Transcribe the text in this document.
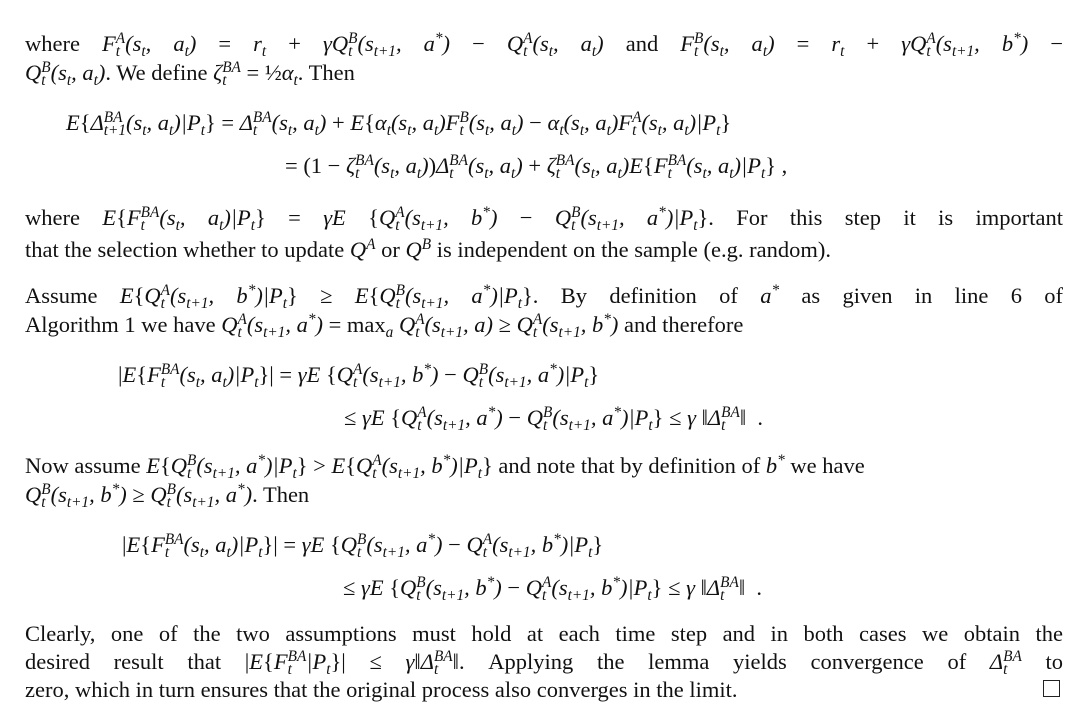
where F A
t ($s_t$, $a_t) = r_t + \gamma Q$ B
t ($s_{t+1}$, a*) − Q A
t ($s_t$, $a_t$) and F B
t ($s_t$, $a_t) = r_t + \gamma Q$ A
t ($s_{t+1}$, b*) −
Q B
t ($s_t$, $a_t$). We define ζ BA
$t = \frac{1}{2}\alpha_t$. Then
E{Δ BA
t+1 ($s_t$, $a_t)|P_t\} = \Delta$ BA
t ($s_t$, $a_t) + E\{\alpha_t(s_t$, $a_t)F$ B
t ($s_t$, $a_t) - \alpha_t(s_t$, $a_t)F$ A
t ($s_t$, $a_t)|P_t$}
= (1 − ζ BA
t ($s_t$, $a_t))\Delta$ BA
t ($s_t$, $a_t) + \zeta$ BA
t ($s_t$, $a_t)E\{F$ BA
t ($s_t$, $a_t)|P_t$} ,
where E{F BA
t ($s_t$, $a_t)|P_t\} = \gamma E$ {Q A
t ($s_{t+1}$, b*) − Q B
t ($s_{t+1}$, $a^*)|P_t$}. For this step it is important
that the selection whether to update $Q^A$ or $Q^B$ is independent on the sample (e.g. random).
Assume E{Q A
t ($s_{t+1}$, $b^*)|P_t\} \ge E\{Q$ B
t ($s_{t+1}$, $a^*)|P_t$}. By definition of a* as given in line 6 of
Algorithm 1 we have Q A
t ($s_{t+1}$, $a^*) = \max_a Q$ A
t ($s_{t+1}$, a) ≥ Q A
t ($s_{t+1}$, b*) and therefore
|E{F BA
t ($s_t$, $a_t)|P_t\}| = \gamma E$ {Q A
t ($s_{t+1}$, b*) − Q B
t ($s_{t+1}$, $a^*)|P_t$}
≤ γE {Q A
t ($s_{t+1}$, a*) − Q B
t ($s_{t+1}$, $a^*)|P_t\} \le \gamma$ ‖Δ BA
t ‖  .
Now assume E{Q B
t ($s_{t+1}$, $a^*)|P_t\} > E\{Q$ A
t ($s_{t+1}$, $b^*)|P_t$} and note that by definition of b* we have
Q B
t ($s_{t+1}$, b*) ≥ Q B
t ($s_{t+1}$, a*). Then
|E{F BA
t ($s_t$, $a_t)|P_t\}| = \gamma E$ {Q B
t ($s_{t+1}$, a*) − Q A
t ($s_{t+1}$, $b^*)|P_t$}
≤ γE {Q B
t ($s_{t+1}$, b*) − Q A
t ($s_{t+1}$, $b^*)|P_t\} \le \gamma$ ‖Δ BA
t ‖  .
Clearly, one of the two assumptions must hold at each time step and in both cases we obtain the
desired result that |E{F BA
t $|P_t\}|$ ≤ γ‖Δ BA
t ‖. Applying the lemma yields convergence of Δ BA
t to
zero, which in turn ensures that the original process also converges in the limit.
